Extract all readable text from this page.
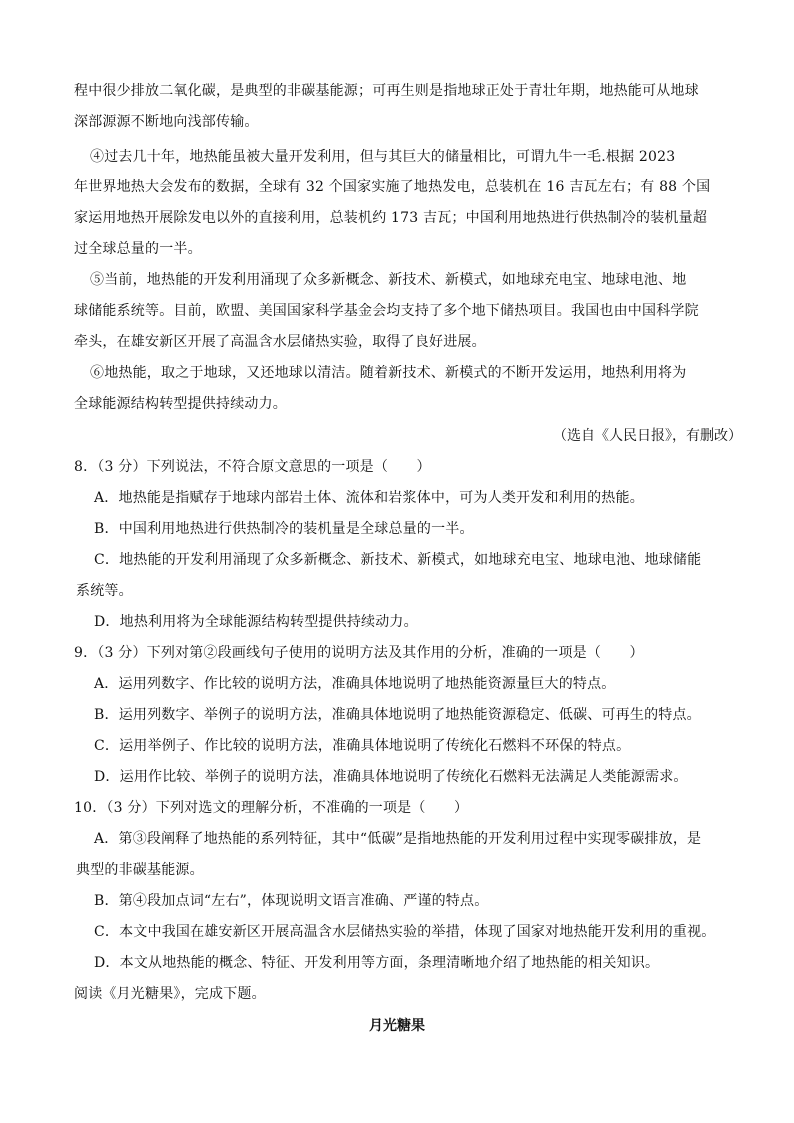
程中很少排放二氧化碳，是典型的非碳基能源；可再生则是指地球正处于青壮年期，地热能可从地球
深部源源不断地向浅部传输。
④过去几十年，地热能虽被大量开发利用，但与其巨大的储量相比，可谓九牛一毛.根据 2023
年世界地热大会发布的数据，全球有 32 个国家实施了地热发电，总装机在 16 吉瓦左右；有 88 个国
家运用地热开展除发电以外的直接利用，总装机约 173 吉瓦；中国利用地热进行供热制冷的装机量超
过全球总量的一半。
⑤当前，地热能的开发利用涌现了众多新概念、新技术、新模式，如地球充电宝、地球电池、地
球储能系统等。目前，欧盟、美国国家科学基金会均支持了多个地下储热项目。我国也由中国科学院
牵头，在雄安新区开展了高温含水层储热实验，取得了良好进展。
⑥地热能，取之于地球，又还地球以清洁。随着新技术、新模式的不断开发运用，地热利用将为
全球能源结构转型提供持续动力。
（选自《人民日报》，有删改）
8．（3 分）下列说法，不符合原文意思的一项是（　　）
A．地热能是指赋存于地球内部岩土体、流体和岩浆体中，可为人类开发和利用的热能。
B．中国利用地热进行供热制冷的装机量是全球总量的一半。
C．地热能的开发利用涌现了众多新概念、新技术、新模式，如地球充电宝、地球电池、地球储能
系统等。
D．地热利用将为全球能源结构转型提供持续动力。
9．（3 分）下列对第②段画线句子使用的说明方法及其作用的分析，准确的一项是（　　）
A．运用列数字、作比较的说明方法，准确具体地说明了地热能资源量巨大的特点。
B．运用列数字、举例子的说明方法，准确具体地说明了地热能资源稳定、低碳、可再生的特点。
C．运用举例子、作比较的说明方法，准确具体地说明了传统化石燃料不环保的特点。
D．运用作比较、举例子的说明方法，准确具体地说明了传统化石燃料无法满足人类能源需求。
10．（3 分）下列对选文的理解分析，不准确的一项是（　　）
A．第③段阐释了地热能的系列特征，其中“低碳”是指地热能的开发利用过程中实现零碳排放，是
典型的非碳基能源。
B．第④段加点词“左右”，体现说明文语言准确、严谨的特点。
C．本文中我国在雄安新区开展高温含水层储热实验的举措，体现了国家对地热能开发利用的重视。
D．本文从地热能的概念、特征、开发利用等方面，条理清晰地介绍了地热能的相关知识。
阅读《月光糖果》，完成下题。
月光糖果
